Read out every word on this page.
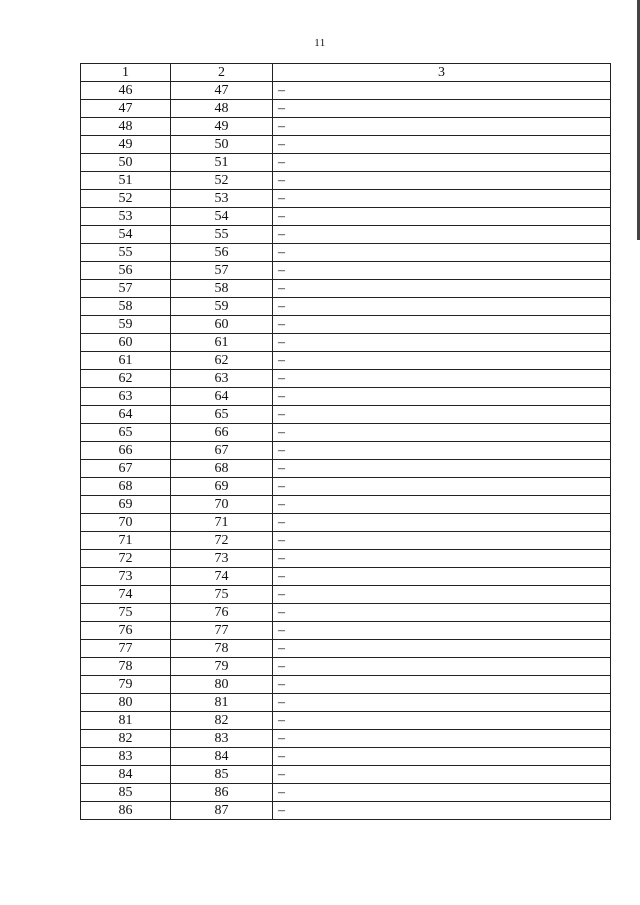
11
1	2	3
46	47	–
47	48	–
48	49	–
49	50	–
50	51	–
51	52	–
52	53	–
53	54	–
54	55	–
55	56	–
56	57	–
57	58	–
58	59	–
59	60	–
60	61	–
61	62	–
62	63	–
63	64	–
64	65	–
65	66	–
66	67	–
67	68	–
68	69	–
69	70	–
70	71	–
71	72	–
72	73	–
73	74	–
74	75	–
75	76	–
76	77	–
77	78	–
78	79	–
79	80	–
80	81	–
81	82	–
82	83	–
83	84	–
84	85	–
85	86	–
86	87	–
